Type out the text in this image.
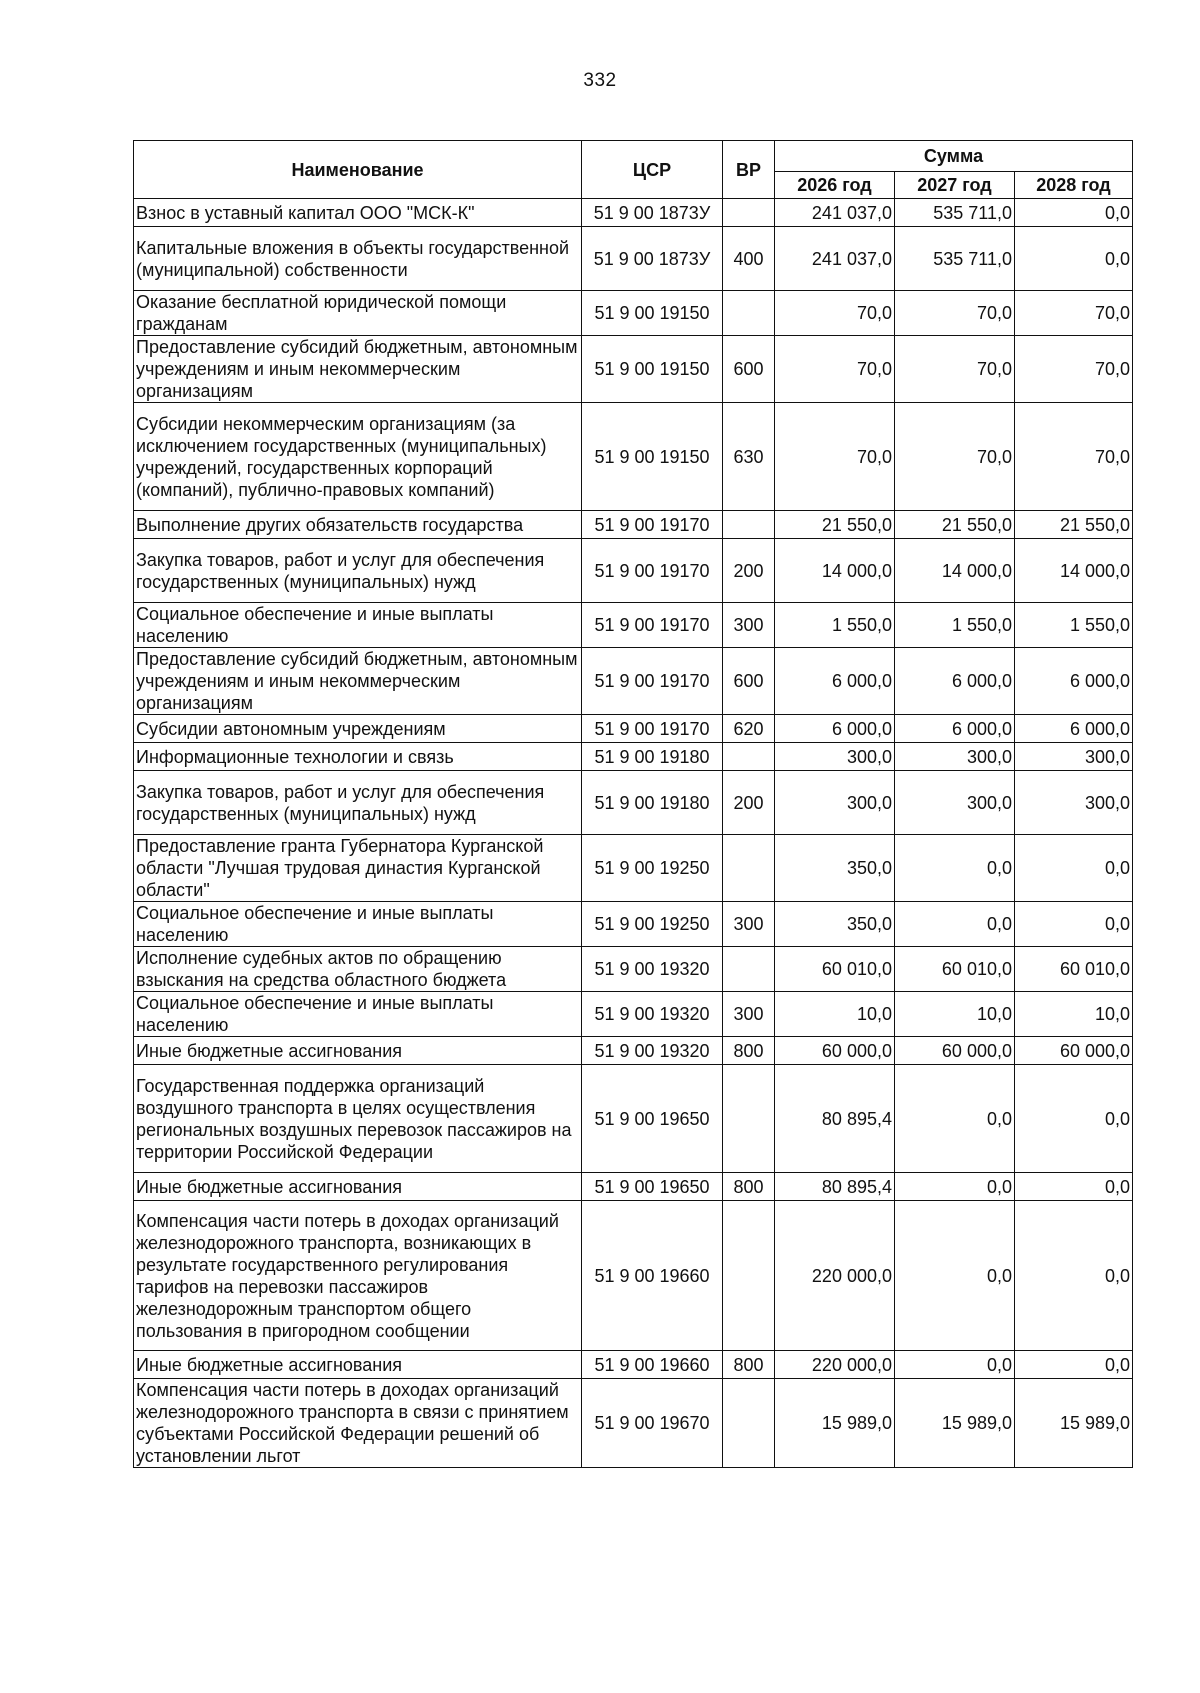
332
Наименование	ЦСР	ВР	Сумма		
			2026 год	2027 год	2028 год
Взнос в уставный капитал ООО "МСК-К"	51 9 00 1873У		241 037,0	535 711,0	0,0
Капитальные вложения в объекты государственной (муниципальной) собственности	51 9 00 1873У	400	241 037,0	535 711,0	0,0
Оказание бесплатной юридической помощи гражданам	51 9 00 19150		70,0	70,0	70,0
Предоставление субсидий бюджетным, автономным учреждениям и иным некоммерческим организациям	51 9 00 19150	600	70,0	70,0	70,0
Субсидии некоммерческим организациям (за исключением государственных (муниципальных) учреждений, государственных корпораций (компаний), публично-правовых компаний)	51 9 00 19150	630	70,0	70,0	70,0
Выполнение других обязательств государства	51 9 00 19170		21 550,0	21 550,0	21 550,0
Закупка товаров, работ и услуг для обеспечения государственных (муниципальных) нужд	51 9 00 19170	200	14 000,0	14 000,0	14 000,0
Социальное обеспечение и иные выплаты населению	51 9 00 19170	300	1 550,0	1 550,0	1 550,0
Предоставление субсидий бюджетным, автономным учреждениям и иным некоммерческим организациям	51 9 00 19170	600	6 000,0	6 000,0	6 000,0
Субсидии автономным учреждениям	51 9 00 19170	620	6 000,0	6 000,0	6 000,0
Информационные технологии и связь	51 9 00 19180		300,0	300,0	300,0
Закупка товаров, работ и услуг для обеспечения государственных (муниципальных) нужд	51 9 00 19180	200	300,0	300,0	300,0
Предоставление гранта Губернатора Курганской области "Лучшая трудовая династия Курганской области"	51 9 00 19250		350,0	0,0	0,0
Социальное обеспечение и иные выплаты населению	51 9 00 19250	300	350,0	0,0	0,0
Исполнение судебных актов по обращению взыскания на средства областного бюджета	51 9 00 19320		60 010,0	60 010,0	60 010,0
Социальное обеспечение и иные выплаты населению	51 9 00 19320	300	10,0	10,0	10,0
Иные бюджетные ассигнования	51 9 00 19320	800	60 000,0	60 000,0	60 000,0
Государственная поддержка организаций воздушного транспорта в целях осуществления региональных воздушных перевозок пассажиров на территории Российской Федерации	51 9 00 19650		80 895,4	0,0	0,0
Иные бюджетные ассигнования	51 9 00 19650	800	80 895,4	0,0	0,0
Компенсация части потерь в доходах организаций железнодорожного транспорта, возникающих в результате государственного регулирования тарифов на перевозки пассажиров железнодорожным транспортом общего пользования в пригородном сообщении	51 9 00 19660		220 000,0	0,0	0,0
Иные бюджетные ассигнования	51 9 00 19660	800	220 000,0	0,0	0,0
Компенсация части потерь в доходах организаций железнодорожного транспорта в связи с принятием субъектами Российской Федерации решений об установлении льгот	51 9 00 19670		15 989,0	15 989,0	15 989,0
